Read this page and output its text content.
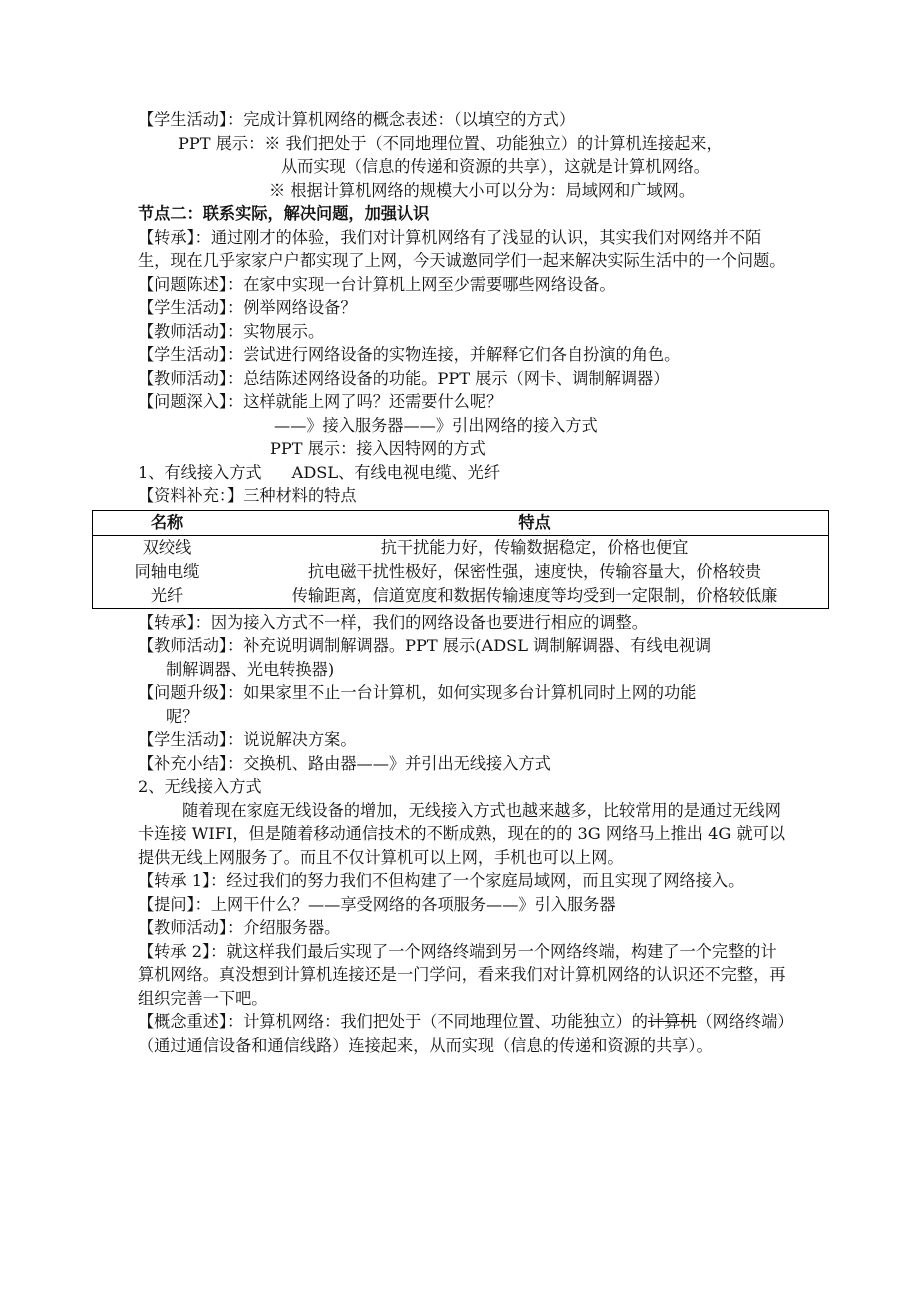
【学生活动】：完成计算机网络的概念表述：（以填空的方式）
PPT 展示：※ 我们把处于（不同地理位置、功能独立）的计算机连接起来，
从而实现（信息的传递和资源的共享），这就是计算机网络。
※ 根据计算机网络的规模大小可以分为：局域网和广域网。
节点二：联系实际，解决问题，加强认识
【转承】：通过刚才的体验，我们对计算机网络有了浅显的认识，其实我们对网络并不陌生，现在几乎家家户户都实现了上网，今天诚邀同学们一起来解决实际生活中的一个问题。
【问题陈述】：在家中实现一台计算机上网至少需要哪些网络设备。
【学生活动】：例举网络设备？
【教师活动】：实物展示。
【学生活动】：尝试进行网络设备的实物连接，并解释它们各自扮演的角色。
【教师活动】：总结陈述网络设备的功能。PPT 展示（网卡、调制解调器）
【问题深入】：这样就能上网了吗？还需要什么呢？
——》接入服务器——》引出网络的接入方式
PPT 展示：接入因特网的方式
1、有线接入方式 ADSL、有线电视电缆、光纤
【资料补充：】三种材料的特点
名称	特点
双绞线	抗干扰能力好，传输数据稳定，价格也便宜
同轴电缆	抗电磁干扰性极好，保密性强，速度快，传输容量大，价格较贵
光纤	传输距离，信道宽度和数据传输速度等均受到一定限制，价格较低廉
【转承】：因为接入方式不一样，我们的网络设备也要进行相应的调整。
【教师活动】：补充说明调制解调器。PPT 展示(ADSL 调制解调器、有线电视调
制解调器、光电转换器)
【问题升级】：如果家里不止一台计算机，如何实现多台计算机同时上网的功能
呢？
【学生活动】：说说解决方案。
【补充小结】：交换机、路由器——》并引出无线接入方式
2、无线接入方式
随着现在家庭无线设备的增加，无线接入方式也越来越多，比较常用的是通过无线网卡连接 WIFI，但是随着移动通信技术的不断成熟，现在的的 3G 网络马上推出 4G 就可以提供无线上网服务了。而且不仅计算机可以上网，手机也可以上网。
【转承 1】：经过我们的努力我们不但构建了一个家庭局域网，而且实现了网络接入。
【提问】：上网干什么？——享受网络的各项服务——》引入服务器
【教师活动】：介绍服务器。
【转承 2】：就这样我们最后实现了一个网络终端到另一个网络终端，构建了一个完整的计算机网络。真没想到计算机连接还是一门学问，看来我们对计算机网络的认识还不完整，再组织完善一下吧。
【概念重述】：计算机网络：我们把处于（不同地理位置、功能独立）的计算机（网络终端）（通过通信设备和通信线路）连接起来，从而实现（信息的传递和资源的共享）。
